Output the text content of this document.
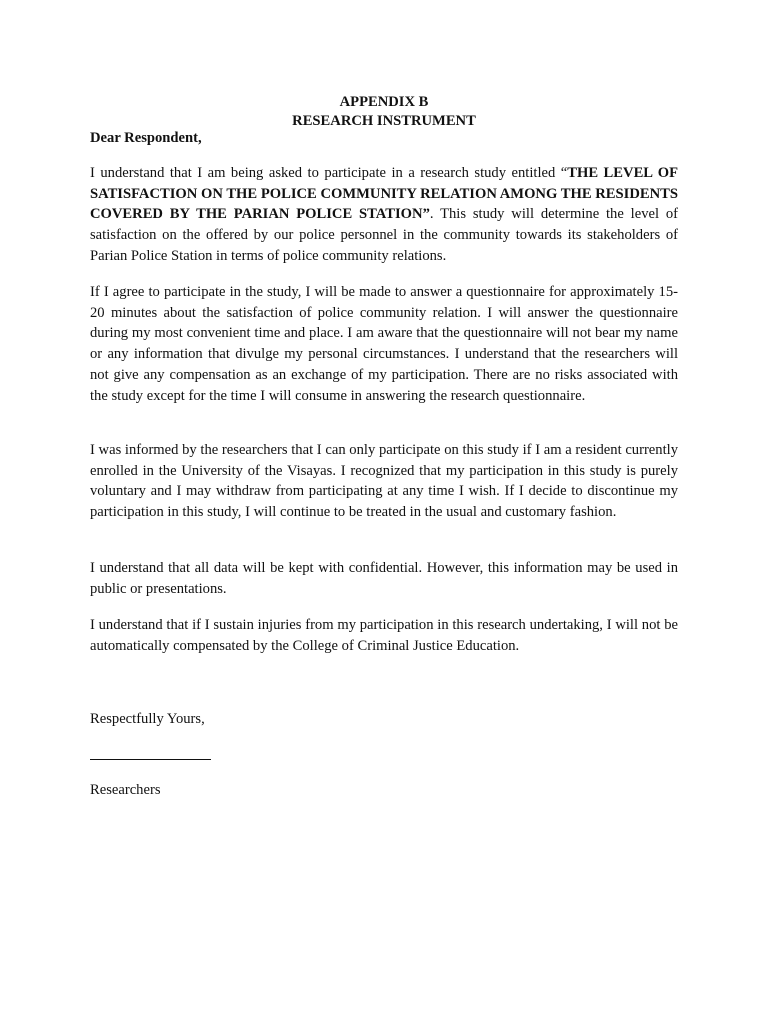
APPENDIX B

RESEARCH INSTRUMENT

Dear Respondent,

I understand that I am being asked to participate in a research study entitled “THE LEVEL OF SATISFACTION ON THE POLICE COMMUNITY RELATION AMONG THE RESIDENTS COVERED BY THE PARIAN POLICE STATION”. This study will determine the level of satisfaction on the offered by our police personnel in the community towards its stakeholders of Parian Police Station in terms of police community relations.

If I agree to participate in the study, I will be made to answer a questionnaire for approximately 15-20 minutes about the satisfaction of police community relation. I will answer the questionnaire during my most convenient time and place. I am aware that the questionnaire will not bear my name or any information that divulge my personal circumstances. I understand that the researchers will not give any compensation as an exchange of my participation. There are no risks associated with the study except for the time I will consume in answering the research questionnaire.

I was informed by the researchers that I can only participate on this study if I am a resident currently enrolled in the University of the Visayas. I recognized that my participation in this study is purely voluntary and I may withdraw from participating at any time I wish. If I decide to discontinue my participation in this study, I will continue to be treated in the usual and customary fashion.

I understand that all data will be kept with confidential. However, this information may be used in public or presentations.

I understand that if I sustain injuries from my participation in this research undertaking, I will not be automatically compensated by the College of Criminal Justice Education.

Respectfully Yours,

Researchers
